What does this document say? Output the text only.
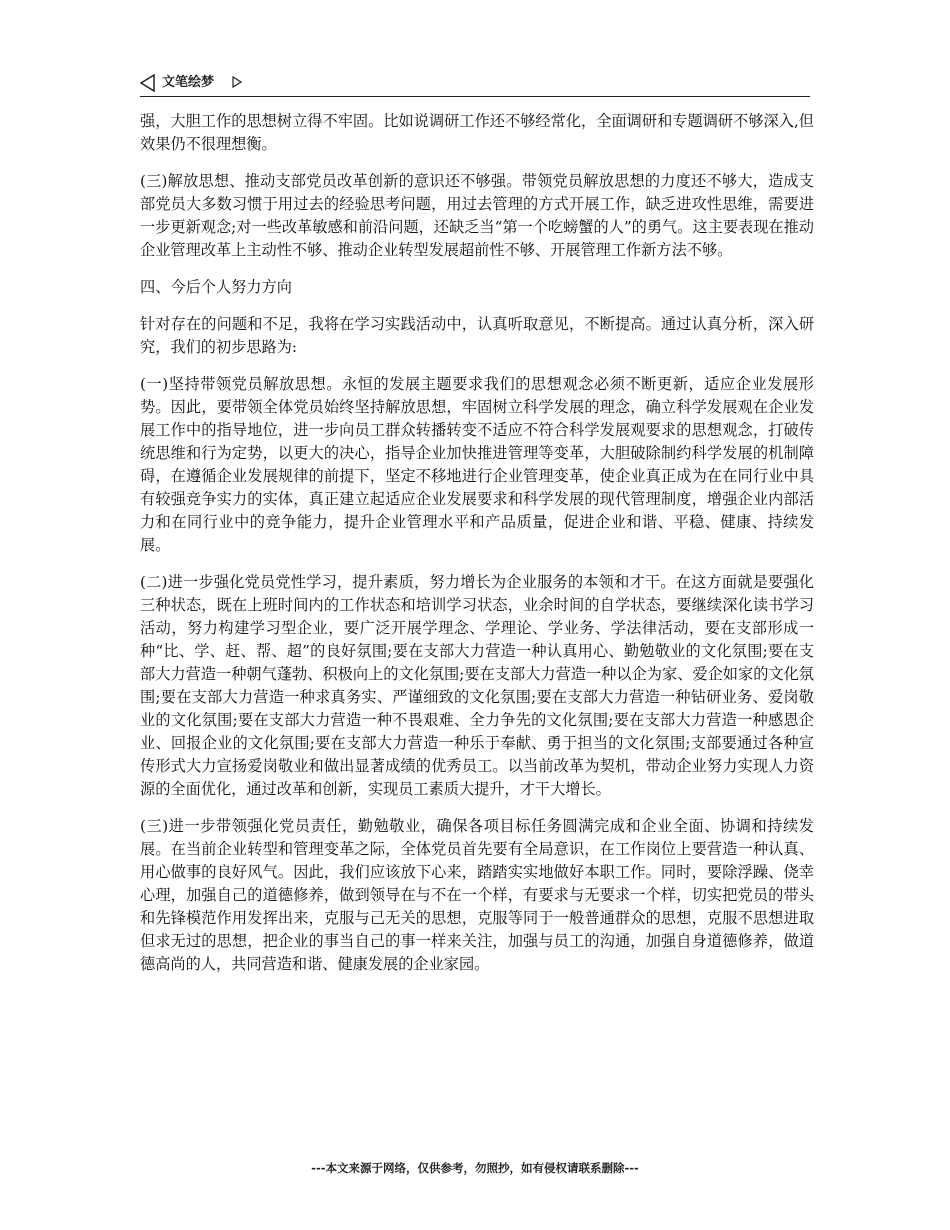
文笔绘梦

强，大胆工作的思想树立得不牢固。比如说调研工作还不够经常化，全面调研和专题调研不够深入,但效果仍不很理想衡。

(三)解放思想、推动支部党员改革创新的意识还不够强。带领党员解放思想的力度还不够大，造成支部党员大多数习惯于用过去的经验思考问题，用过去管理的方式开展工作，缺乏进攻性思维，需要进一步更新观念;对一些改革敏感和前沿问题，还缺乏当“第一个吃螃蟹的人”的勇气。这主要表现在推动企业管理改革上主动性不够、推动企业转型发展超前性不够、开展管理工作新方法不够。

四、今后个人努力方向

针对存在的问题和不足，我将在学习实践活动中，认真听取意见，不断提高。通过认真分析，深入研究，我们的初步思路为:

(一)坚持带领党员解放思想。永恒的发展主题要求我们的思想观念必须不断更新，适应企业发展形势。因此，要带领全体党员始终坚持解放思想，牢固树立科学发展的理念，确立科学发展观在企业发展工作中的指导地位，进一步向员工群众转播转变不适应不符合科学发展观要求的思想观念，打破传统思维和行为定势，以更大的决心，指导企业加快推进管理等变革，大胆破除制约科学发展的机制障碍，在遵循企业发展规律的前提下，坚定不移地进行企业管理变革，使企业真正成为在在同行业中具有较强竞争实力的实体，真正建立起适应企业发展要求和科学发展的现代管理制度，增强企业内部活力和在同行业中的竞争能力，提升企业管理水平和产品质量，促进企业和谐、平稳、健康、持续发展。

(二)进一步强化党员党性学习，提升素质，努力增长为企业服务的本领和才干。在这方面就是要强化三种状态，既在上班时间内的工作状态和培训学习状态，业余时间的自学状态，要继续深化读书学习活动，努力构建学习型企业，要广泛开展学理念、学理论、学业务、学法律活动，要在支部形成一种“比、学、赶、帮、超”的良好氛围;要在支部大力营造一种认真用心、勤勉敬业的文化氛围;要在支部大力营造一种朝气蓬勃、积极向上的文化氛围;要在支部大力营造一种以企为家、爱企如家的文化氛围;要在支部大力营造一种求真务实、严谨细致的文化氛围;要在支部大力营造一种钻研业务、爱岗敬业的文化氛围;要在支部大力营造一种不畏艰难、全力争先的文化氛围;要在支部大力营造一种感恩企业、回报企业的文化氛围;要在支部大力营造一种乐于奉献、勇于担当的文化氛围;支部要通过各种宣传形式大力宣扬爱岗敬业和做出显著成绩的优秀员工。以当前改革为契机，带动企业努力实现人力资源的全面优化，通过改革和创新，实现员工素质大提升，才干大增长。

(三)进一步带领强化党员责任，勤勉敬业，确保各项目标任务圆满完成和企业全面、协调和持续发展。在当前企业转型和管理变革之际，全体党员首先要有全局意识，在工作岗位上要营造一种认真、用心做事的良好风气。因此，我们应该放下心来，踏踏实实地做好本职工作。同时，要除浮躁、侥幸心理，加强自己的道德修养，做到领导在与不在一个样，有要求与无要求一个样，切实把党员的带头和先锋模范作用发挥出来，克服与己无关的思想，克服等同于一般普通群众的思想，克服不思想进取但求无过的思想，把企业的事当自己的事一样来关注，加强与员工的沟通，加强自身道德修养，做道德高尚的人，共同营造和谐、健康发展的企业家园。

---本文来源于网络，仅供参考，勿照抄，如有侵权请联系删除---
